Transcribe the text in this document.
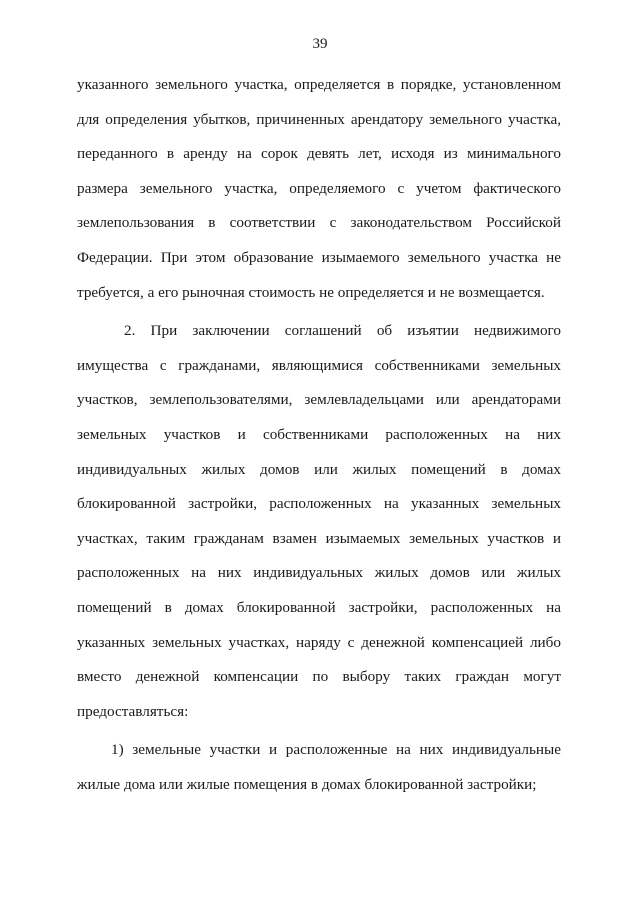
39
указанного земельного участка, определяется в порядке, установленном
для определения убытков, причиненных арендатору земельного участка,
переданного в аренду на сорок девять лет, исходя из минимального
размера земельного участка, определяемого с учетом фактического
землепользования в соответствии с законодательством Российской
Федерации. При этом образование изымаемого земельного участка не
требуется, а его рыночная стоимость не определяется и не возмещается.
2. При заключении соглашений об изъятии недвижимого
имущества с гражданами, являющимися собственниками земельных
участков, землепользователями, землевладельцами или арендаторами
земельных участков и собственниками расположенных на них
индивидуальных жилых домов или жилых помещений в домах
блокированной застройки, расположенных на указанных земельных
участках, таким гражданам взамен изымаемых земельных участков и
расположенных на них индивидуальных жилых домов или жилых
помещений в домах блокированной застройки, расположенных на
указанных земельных участках, наряду с денежной компенсацией либо
вместо денежной компенсации по выбору таких граждан могут
предоставляться:
1) земельные участки и расположенные на них индивидуальные
жилые дома или жилые помещения в домах блокированной застройки;
